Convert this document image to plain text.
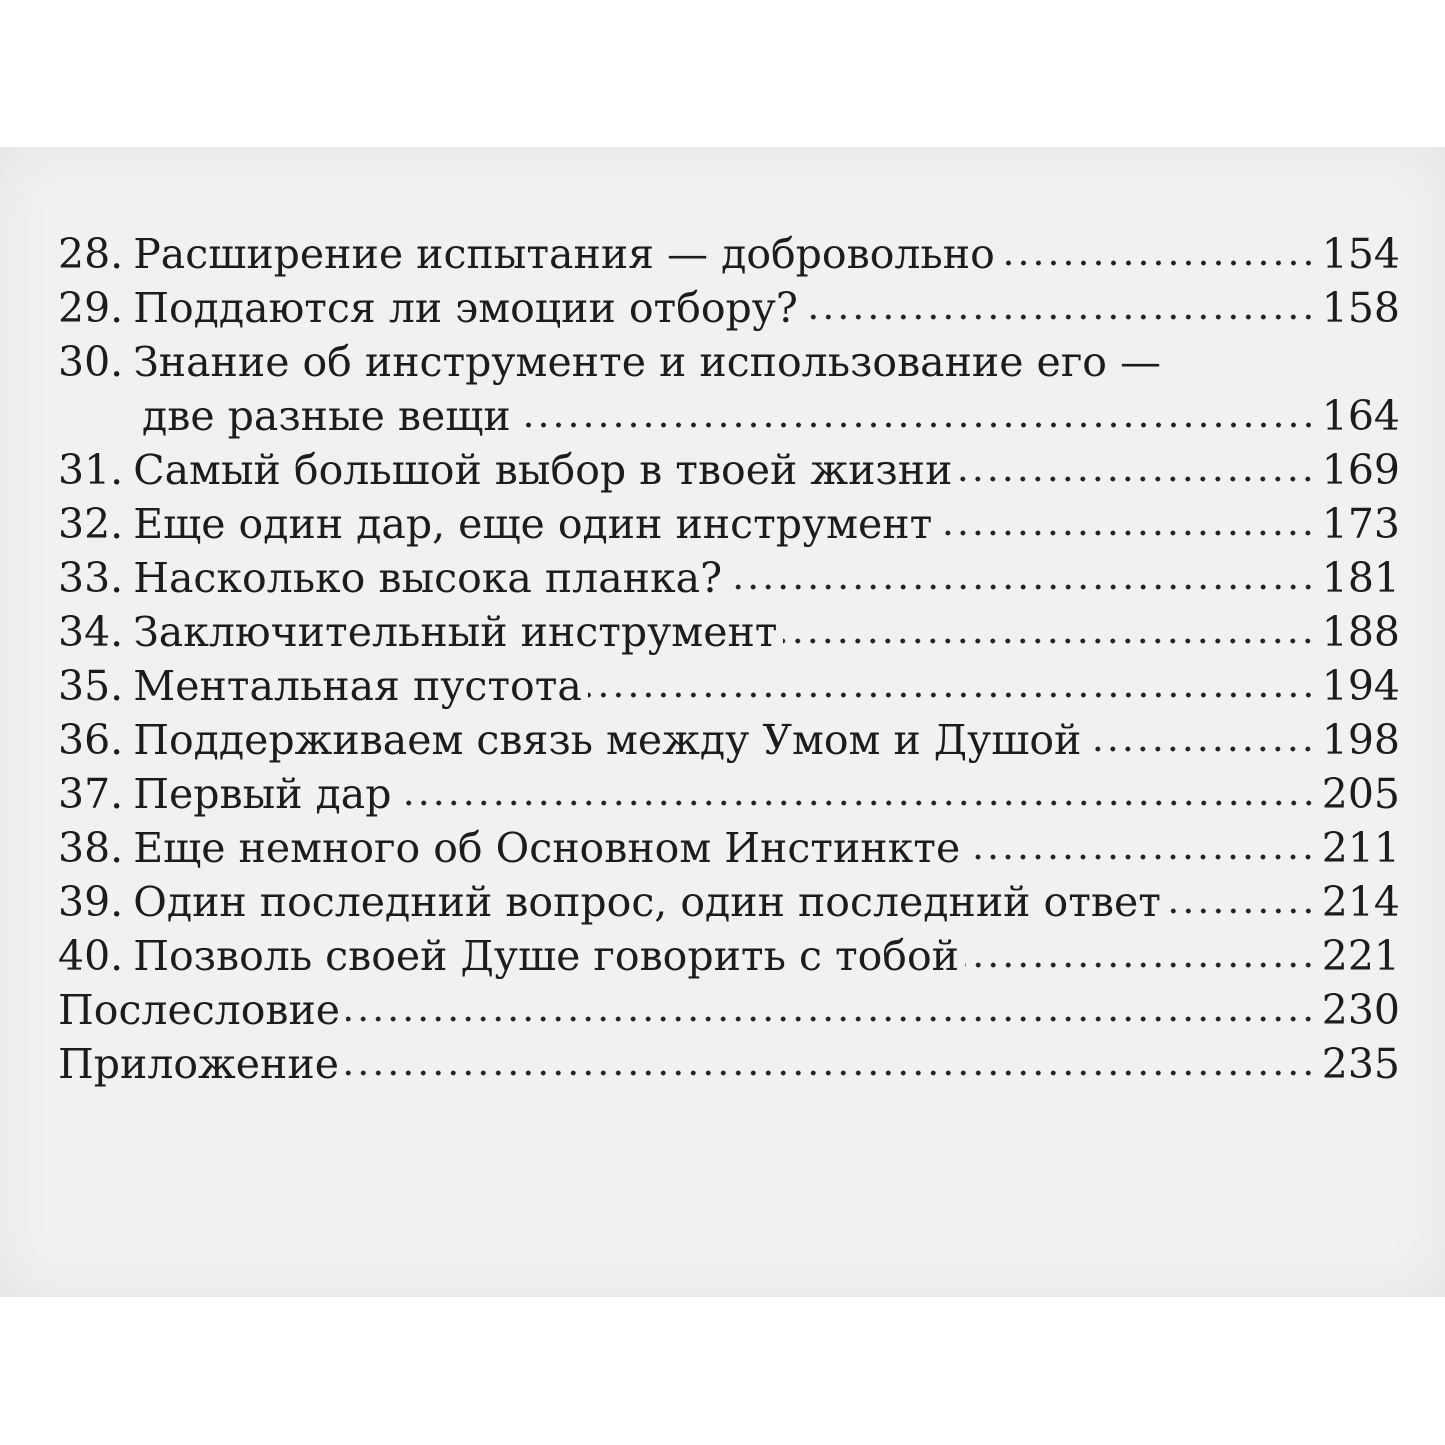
28. Расширение испытания — добровольно	154
29. Поддаются ли эмоции отбору?	158
30. Знание об инструменте и использование его —
две разные вещи	164
31. Самый большой выбор в твоей жизни	169
32. Еще один дар, еще один инструмент	173
33. Насколько высока планка?	181
34. Заключительный инструмент	188
35. Ментальная пустота	194
36. Поддерживаем связь между Умом и Душой	198
37. Первый дар	205
38. Еще немного об Основном Инстинкте	211
39. Один последний вопрос, один последний ответ	214
40. Позволь своей Душе говорить с тобой	221
Послесловие	230
Приложение	235
